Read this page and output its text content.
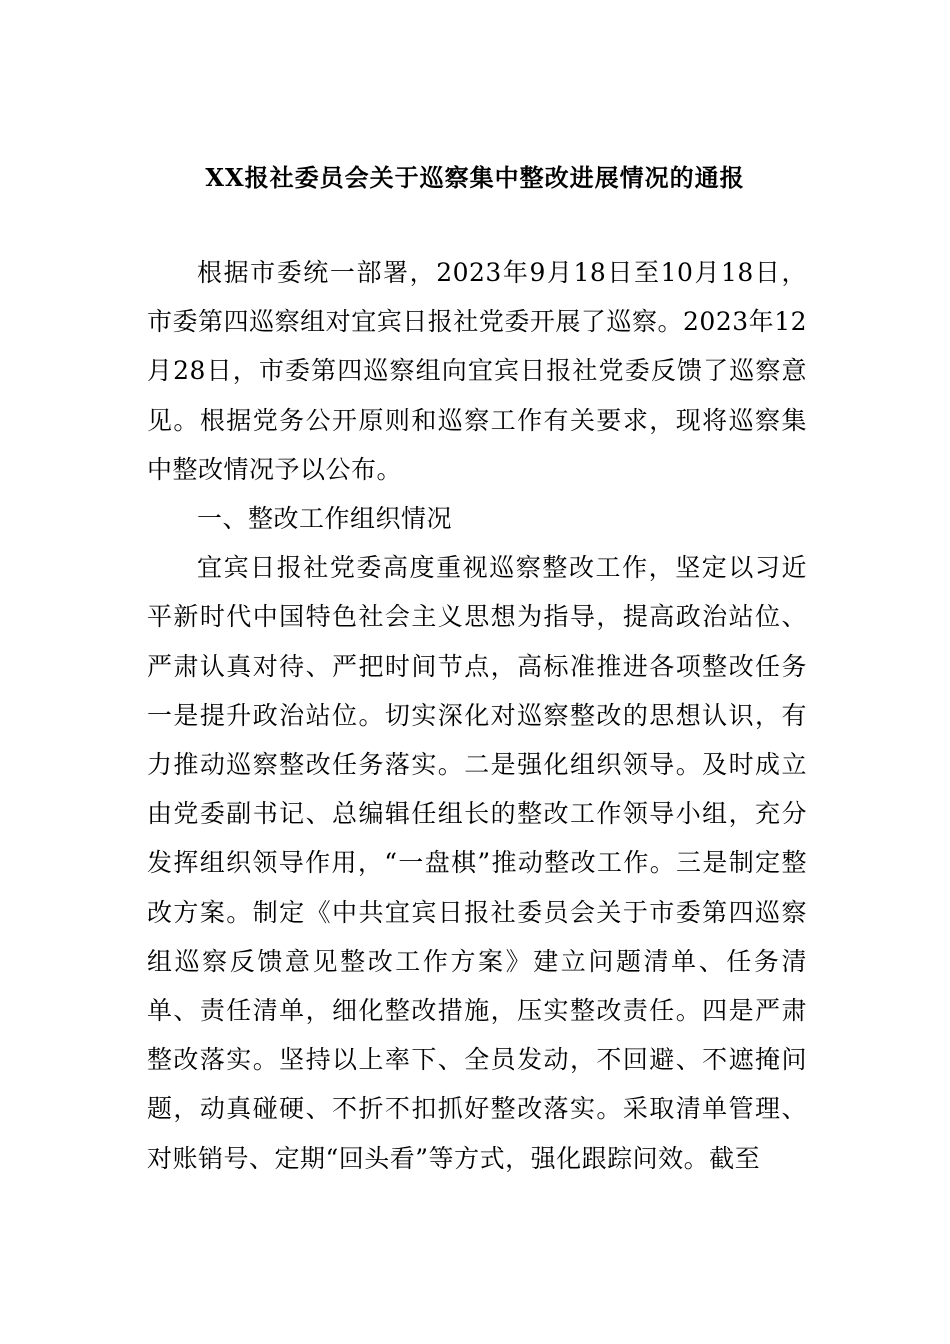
XX报社委员会关于巡察集中整改进展情况的通报

根据市委统一部署，2023年9月18日至10月18日，市委第四巡察组对宜宾日报社党委开展了巡察。2023年12月28日，市委第四巡察组向宜宾日报社党委反馈了巡察意见。根据党务公开原则和巡察工作有关要求，现将巡察集中整改情况予以公布。

一、整改工作组织情况

宜宾日报社党委高度重视巡察整改工作，坚定以习近平新时代中国特色社会主义思想为指导，提高政治站位、严肃认真对待、严把时间节点，高标准推进各项整改任务一是提升政治站位。切实深化对巡察整改的思想认识，有力推动巡察整改任务落实。二是强化组织领导。及时成立由党委副书记、总编辑任组长的整改工作领导小组，充分发挥组织领导作用，“一盘棋”推动整改工作。三是制定整改方案。制定《中共宜宾日报社委员会关于市委第四巡察组巡察反馈意见整改工作方案》建立问题清单、任务清单、责任清单，细化整改措施，压实整改责任。四是严肃整改落实。坚持以上率下、全员发动，不回避、不遮掩问题，动真碰硬、不折不扣抓好整改落实。采取清单管理、对账销号、定期“回头看”等方式，强化跟踪问效。截至
